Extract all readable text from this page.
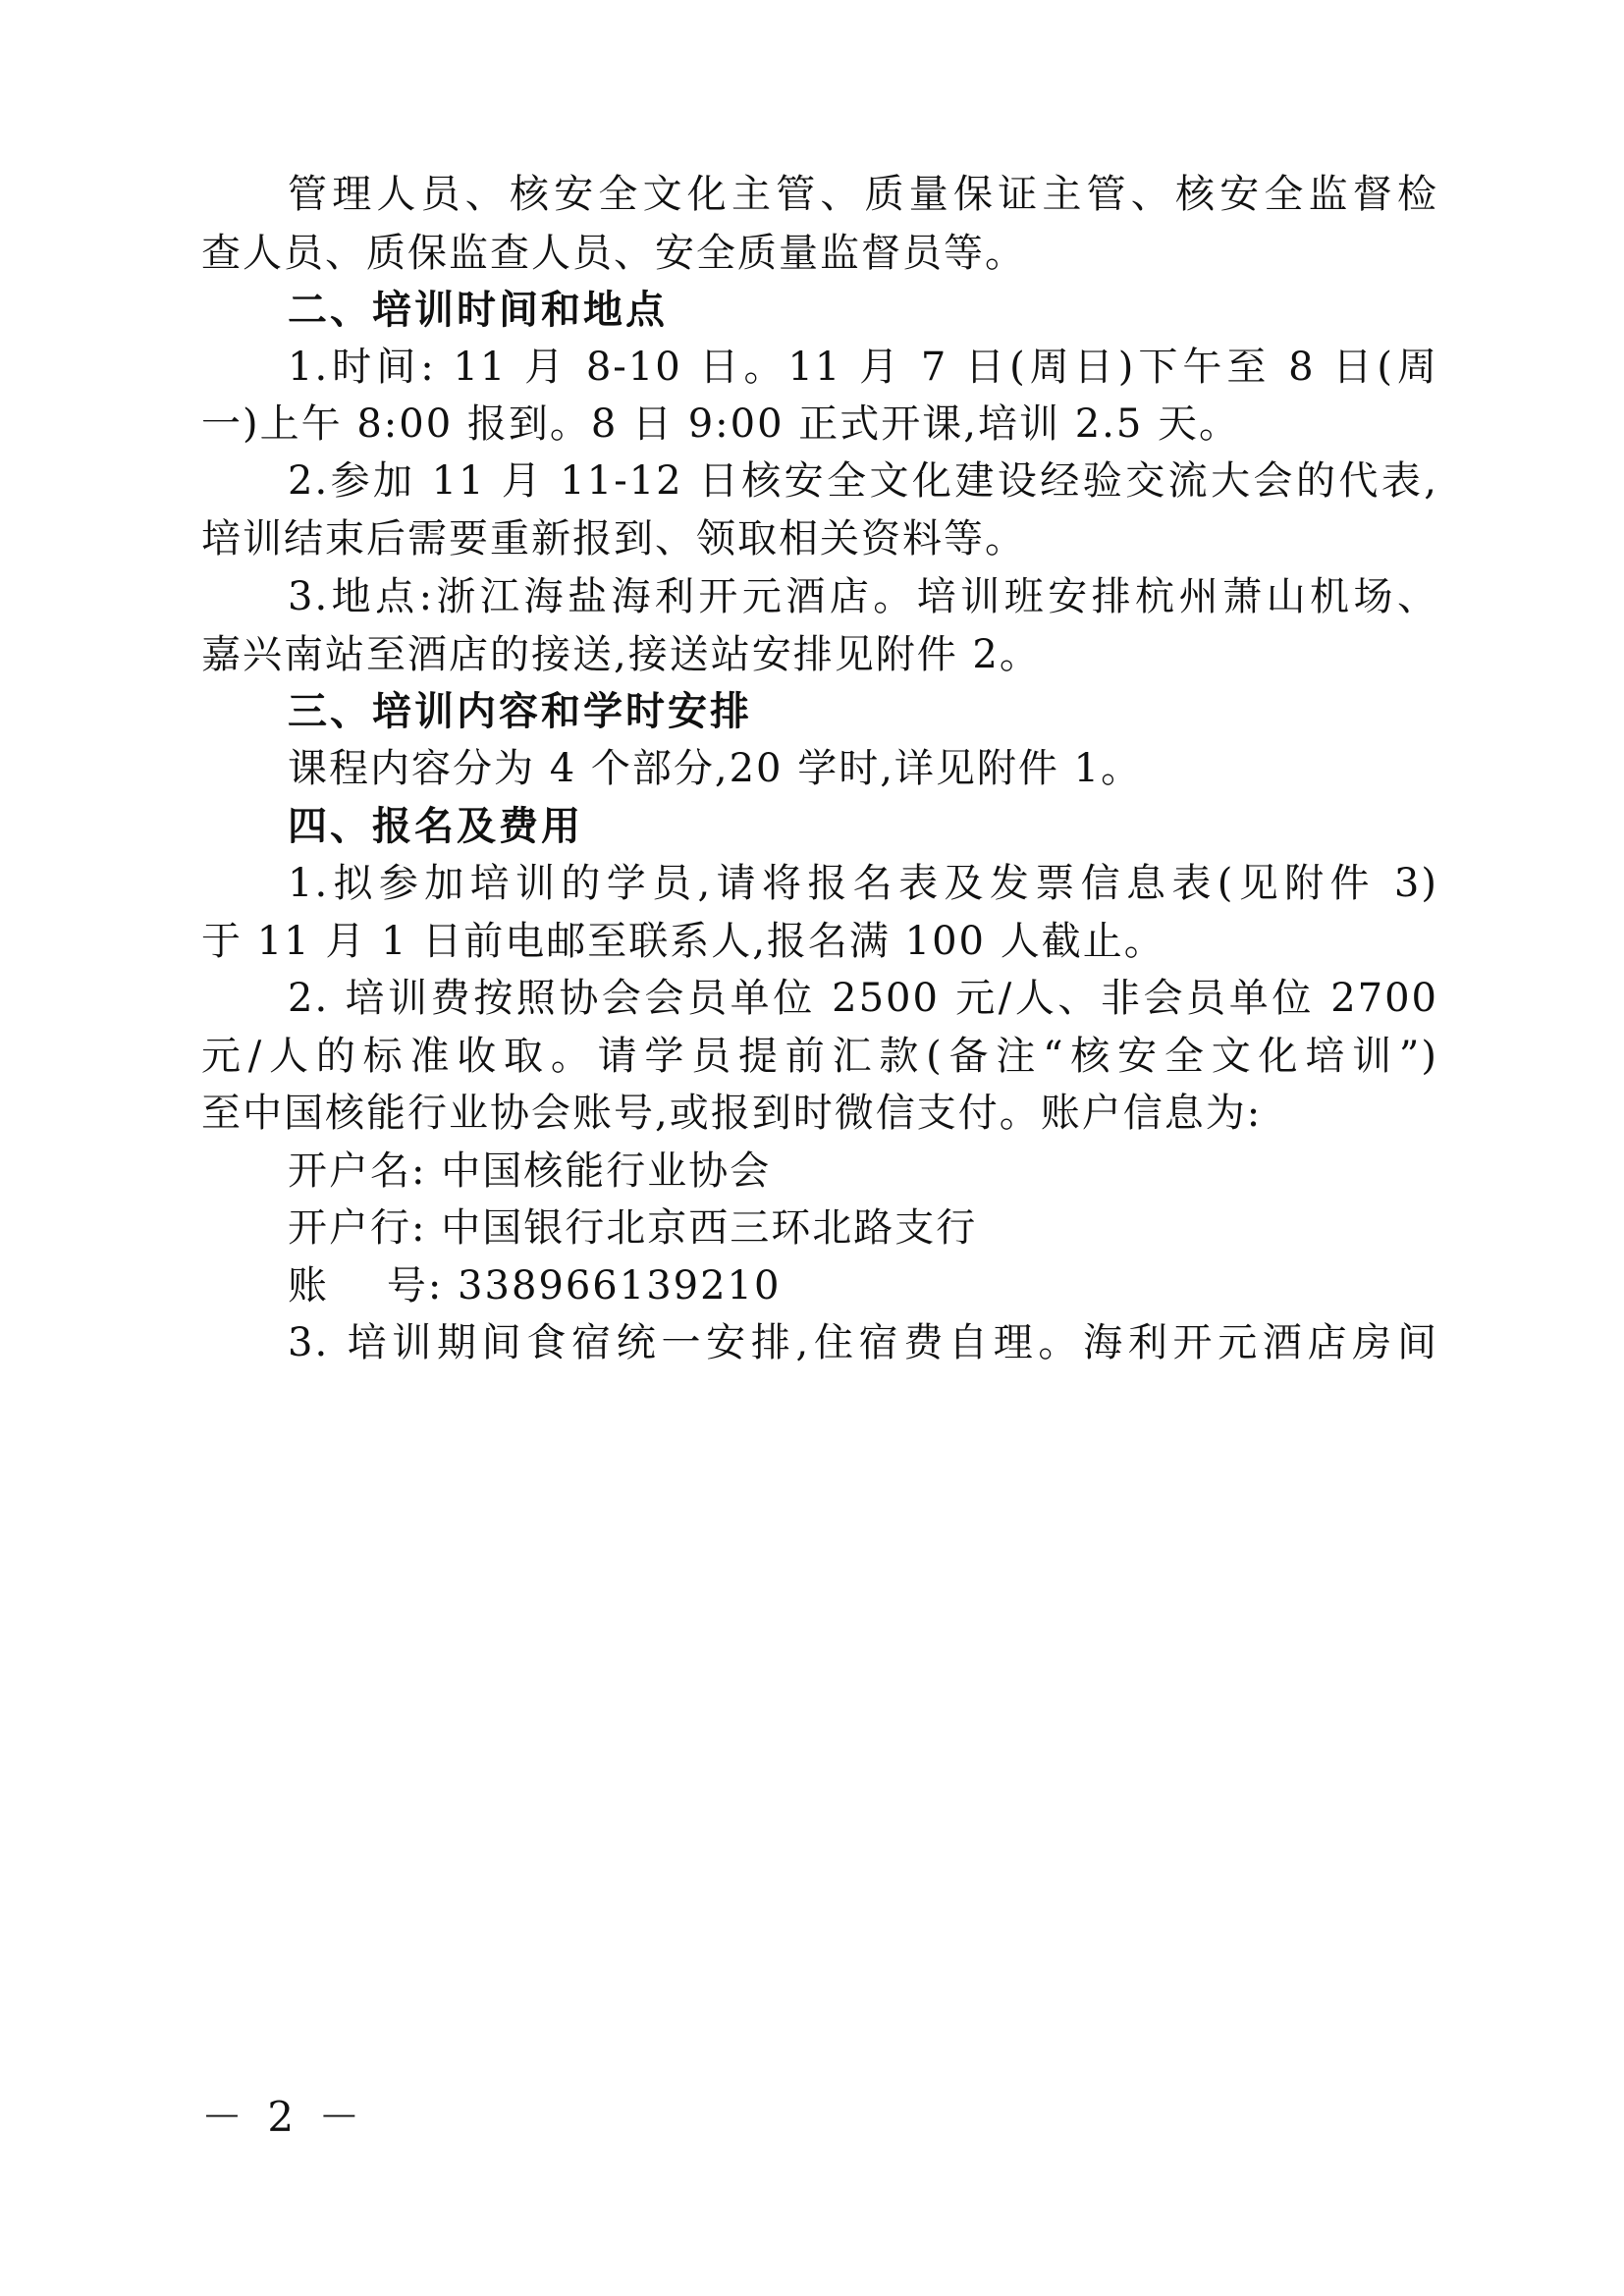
管理人员、核安全文化主管、质量保证主管、核安全监督检
查人员、质保监查人员、安全质量监督员等。
二、培训时间和地点
1.时间: 11 月 8-10 日。11 月 7 日(周日)下午至 8 日(周
一)上午 8:00 报到。8 日 9:00 正式开课,培训 2.5 天。
2.参加 11 月 11-12 日核安全文化建设经验交流大会的代表,
培训结束后需要重新报到、领取相关资料等。
3.地点:浙江海盐海利开元酒店。培训班安排杭州萧山机场、
嘉兴南站至酒店的接送,接送站安排见附件 2。
三、培训内容和学时安排
课程内容分为 4 个部分,20 学时,详见附件 1。
四、报名及费用
1.拟参加培训的学员,请将报名表及发票信息表(见附件 3)
于 11 月 1 日前电邮至联系人,报名满 100 人截止。
2. 培训费按照协会会员单位 2500 元/人、非会员单位 2700
元/人的标准收取。请学员提前汇款(备注“核安全文化培训”)
至中国核能行业协会账号,或报到时微信支付。账户信息为:
开户名: 中国核能行业协会
开户行: 中国银行北京西三环北路支行
账    号: 338966139210
3. 培训期间食宿统一安排,住宿费自理。海利开元酒店房间
－ 2 －
